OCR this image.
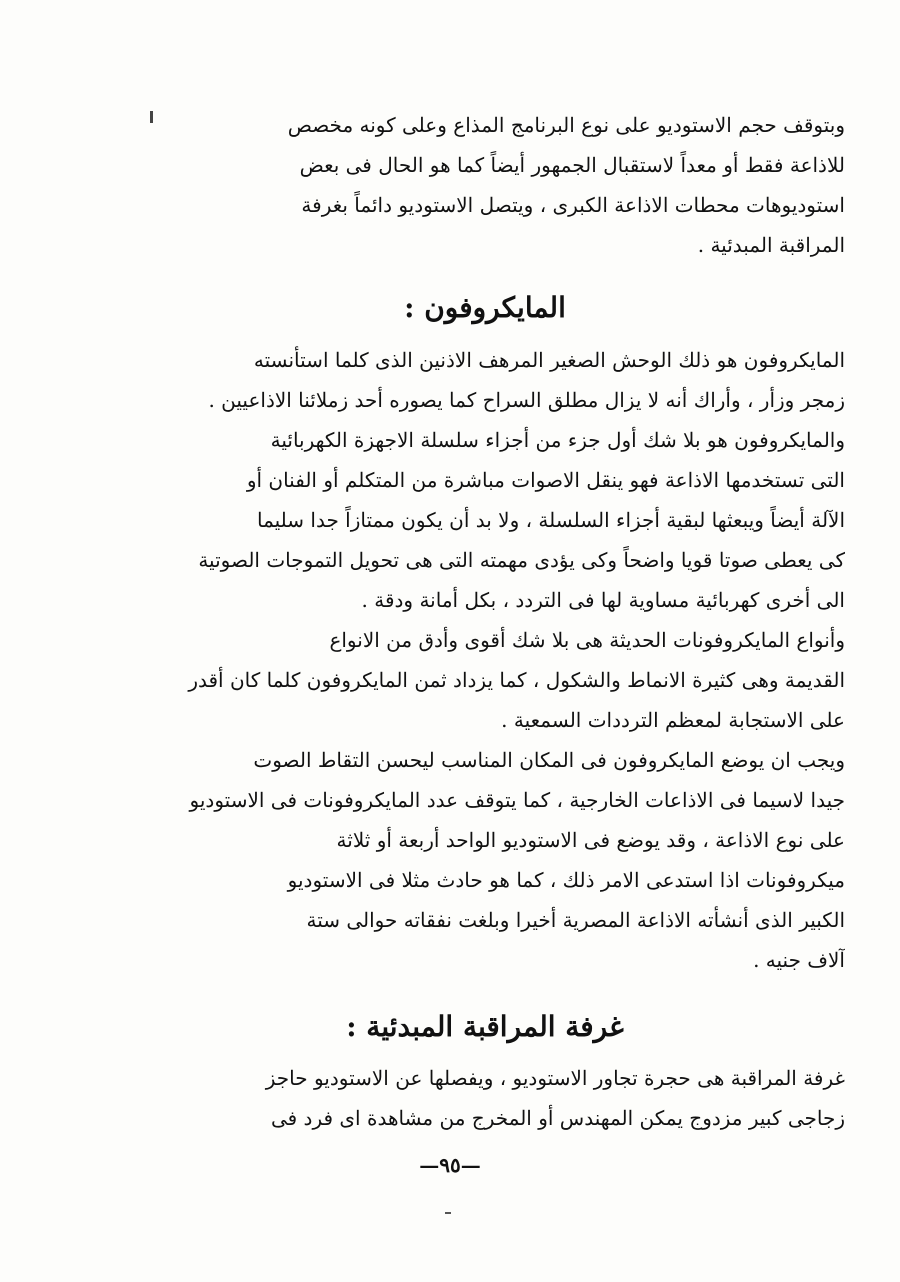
وبتوقف حجم الاستوديو على نوع البرنامج المذاع وعلى كونه مخصص
للاذاعة فقط أو معداً لاستقبال الجمهور أيضاً كما هو الحال فى بعض
استوديوهات محطات الاذاعة الكبرى ، ويتصل الاستوديو دائماً بغرفة
المراقبة المبدئية .
المايكروفون :
المايكروفون هو ذلك الوحش الصغير المرهف الاذنين الذى كلما استأنسته
زمجر وزأر ، وأراك أنه لا يزال مطلق السراح كما يصوره أحد زملائنا الاذاعيين .
والمايكروفون هو بلا شك أول جزء من أجزاء سلسلة الاجهزة الكهربائية
التى تستخدمها الاذاعة فهو ينقل الاصوات مباشرة من المتكلم أو الفنان أو
الآلة أيضاً ويبعثها لبقية أجزاء السلسلة ، ولا بد أن يكون ممتازاً جدا سليما
كى يعطى صوتا قويا واضحاً وكى يؤدى مهمته التى هى تحويل التموجات الصوتية
الى أخرى كهربائية مساوية لها فى التردد ، بكل أمانة ودقة .
وأنواع المايكروفونات الحديثة هى بلا شك أقوى وأدق من الانواع
القديمة وهى كثيرة الانماط والشكول ، كما يزداد ثمن المايكروفون كلما كان أقدر
على الاستجابة لمعظم الترددات السمعية .
ويجب ان يوضع المايكروفون فى المكان المناسب ليحسن التقاط الصوت
جيدا لاسيما فى الاذاعات الخارجية ، كما يتوقف عدد المايكروفونات فى الاستوديو
على نوع الاذاعة ، وقد يوضع فى الاستوديو الواحد أربعة أو ثلاثة
ميكروفونات اذا استدعى الامر ذلك ، كما هو حادث مثلا فى الاستوديو
الكبير الذى أنشأته الاذاعة المصرية أخيرا وبلغت نفقاته حوالى ستة
آلاف جنيه .
غرفة المراقبة المبدئية :
غرفة المراقبة هى حجرة تجاور الاستوديو ، ويفصلها عن الاستوديو حاجز
زجاجى كبير مزدوج يمكن المهندس أو المخرج من مشاهدة اى فرد فى
—٩٥—
